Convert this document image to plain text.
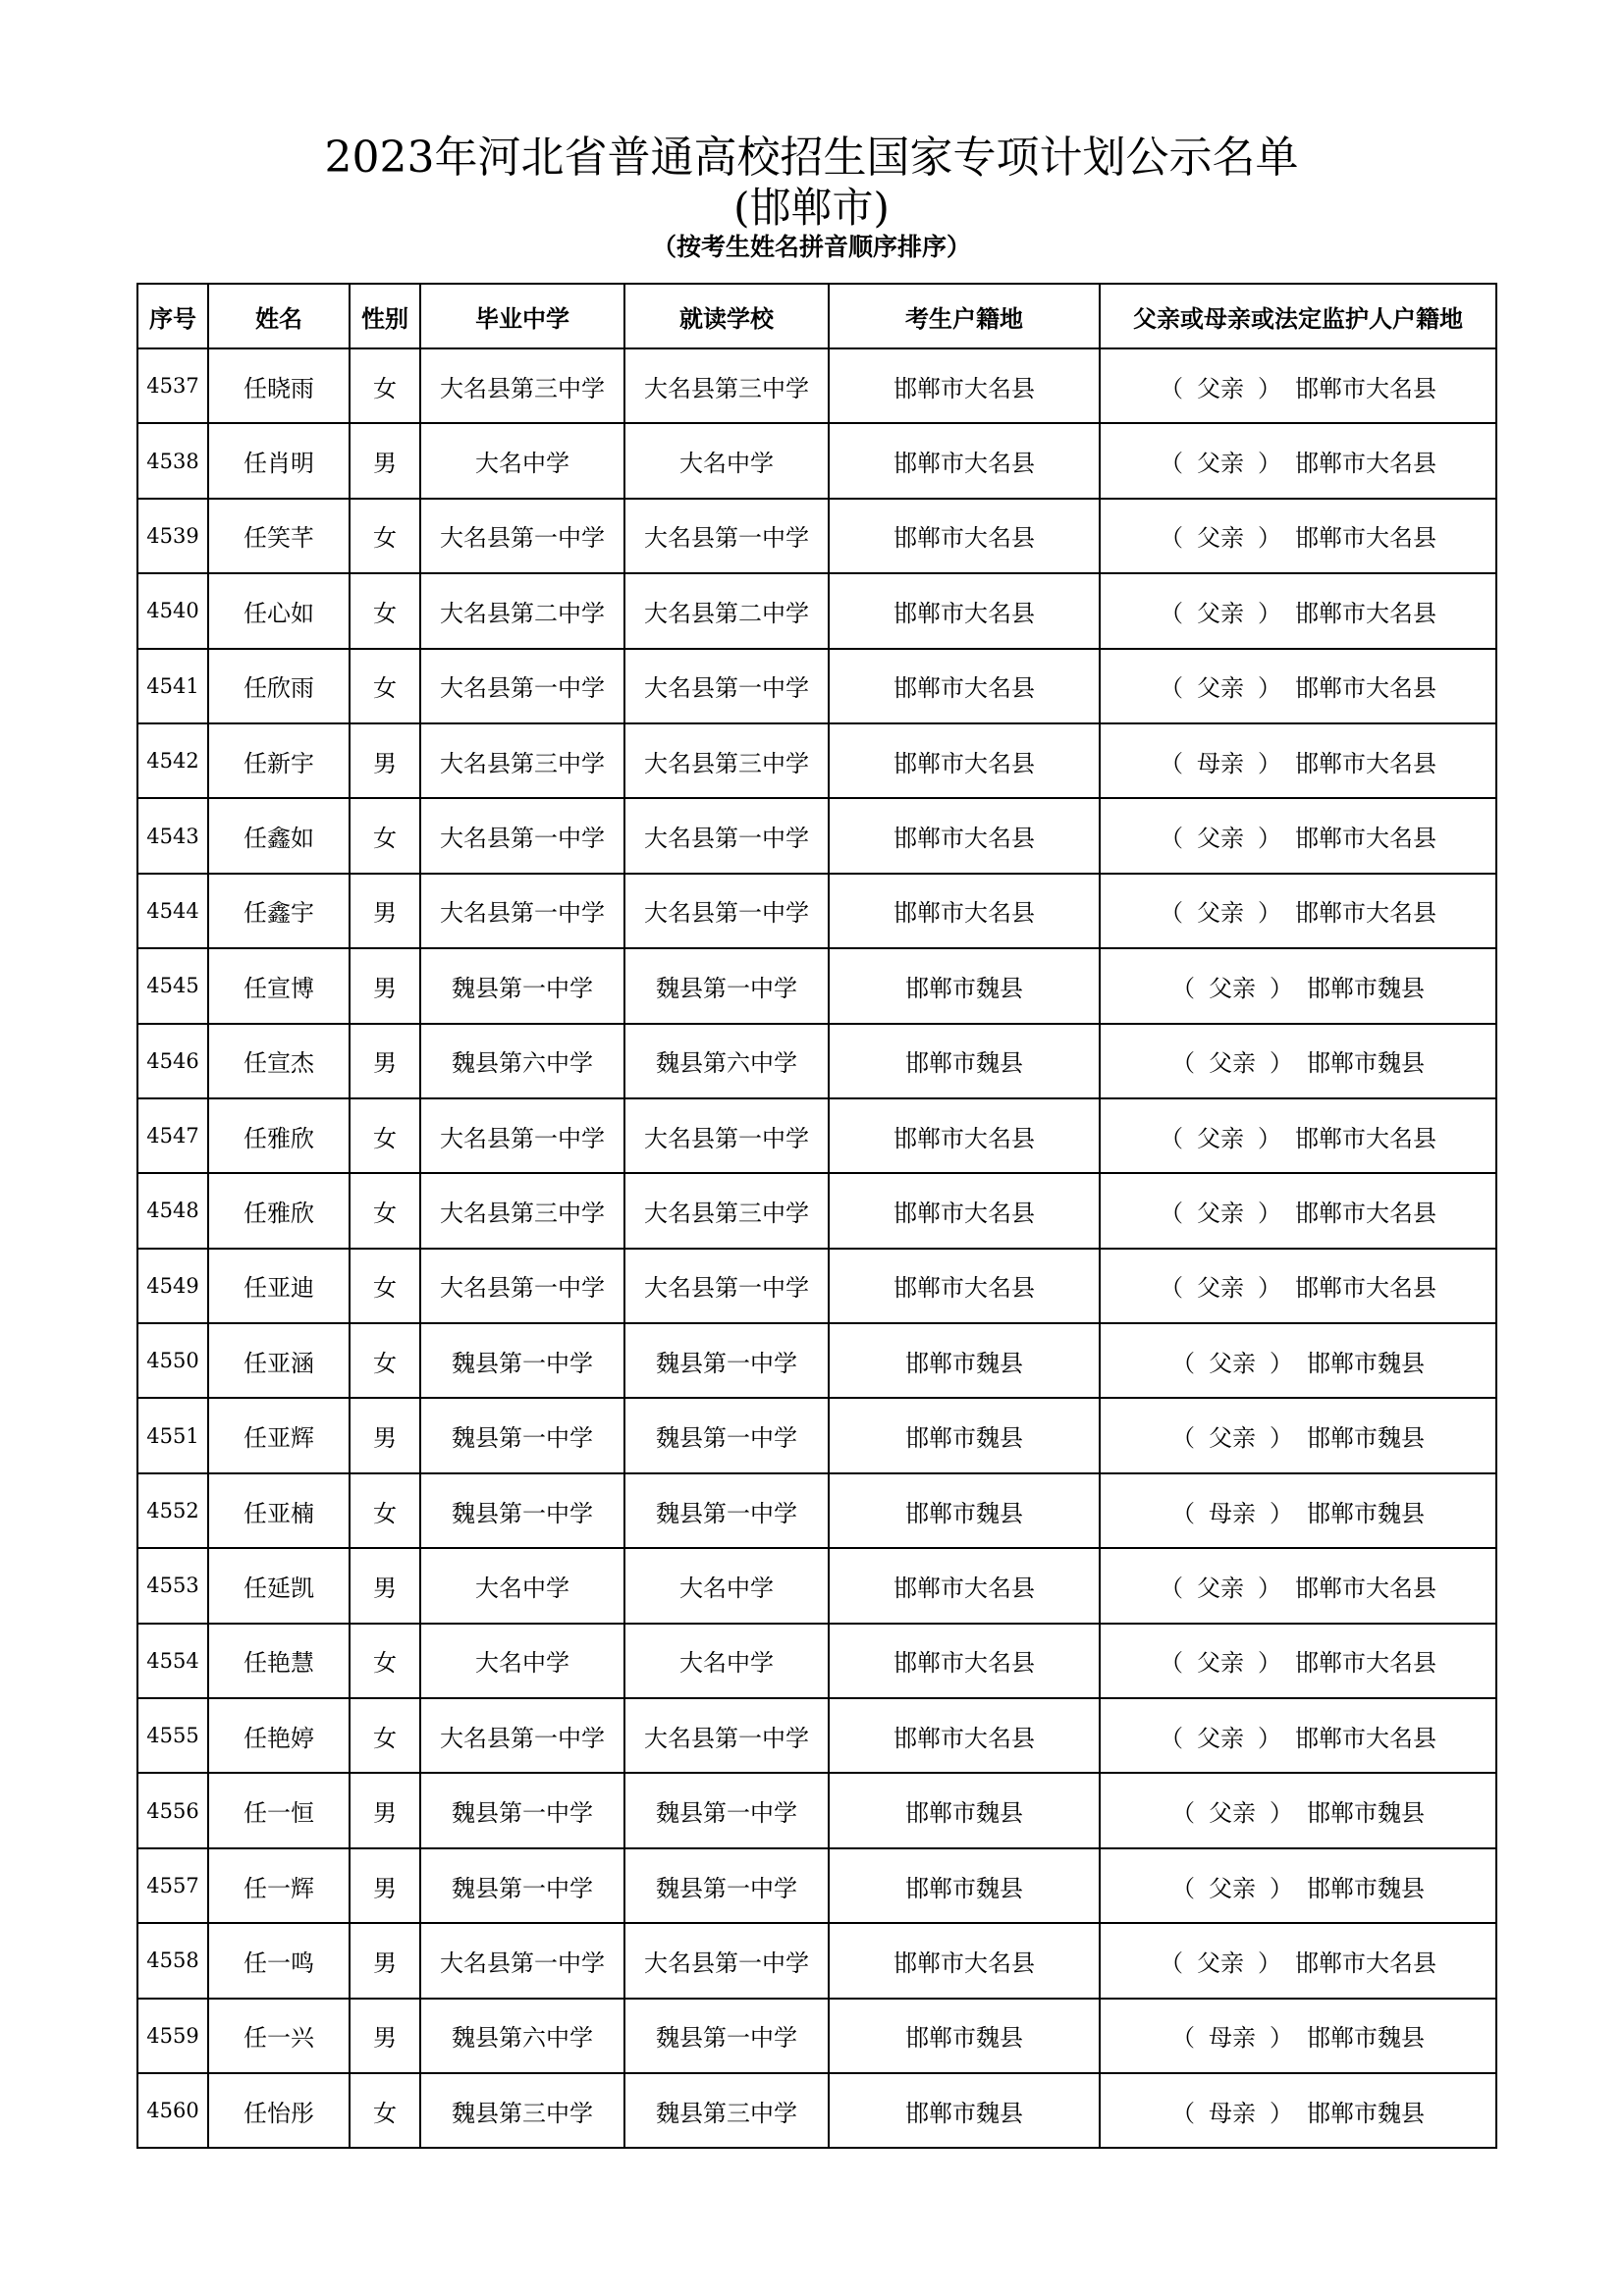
2023年河北省普通高校招生国家专项计划公示名单
(邯郸市)
（按考生姓名拼音顺序排序）
序号	姓名	性别	毕业中学	就读学校	考生户籍地	父亲或母亲或法定监护人户籍地
4537	任晓雨	女	大名县第三中学	大名县第三中学	邯郸市大名县	（ 父亲 ） 邯郸市大名县
4538	任肖明	男	大名中学	大名中学	邯郸市大名县	（ 父亲 ） 邯郸市大名县
4539	任笑芊	女	大名县第一中学	大名县第一中学	邯郸市大名县	（ 父亲 ） 邯郸市大名县
4540	任心如	女	大名县第二中学	大名县第二中学	邯郸市大名县	（ 父亲 ） 邯郸市大名县
4541	任欣雨	女	大名县第一中学	大名县第一中学	邯郸市大名县	（ 父亲 ） 邯郸市大名县
4542	任新宇	男	大名县第三中学	大名县第三中学	邯郸市大名县	（ 母亲 ） 邯郸市大名县
4543	任鑫如	女	大名县第一中学	大名县第一中学	邯郸市大名县	（ 父亲 ） 邯郸市大名县
4544	任鑫宇	男	大名县第一中学	大名县第一中学	邯郸市大名县	（ 父亲 ） 邯郸市大名县
4545	任宣博	男	魏县第一中学	魏县第一中学	邯郸市魏县	（ 父亲 ） 邯郸市魏县
4546	任宣杰	男	魏县第六中学	魏县第六中学	邯郸市魏县	（ 父亲 ） 邯郸市魏县
4547	任雅欣	女	大名县第一中学	大名县第一中学	邯郸市大名县	（ 父亲 ） 邯郸市大名县
4548	任雅欣	女	大名县第三中学	大名县第三中学	邯郸市大名县	（ 父亲 ） 邯郸市大名县
4549	任亚迪	女	大名县第一中学	大名县第一中学	邯郸市大名县	（ 父亲 ） 邯郸市大名县
4550	任亚涵	女	魏县第一中学	魏县第一中学	邯郸市魏县	（ 父亲 ） 邯郸市魏县
4551	任亚辉	男	魏县第一中学	魏县第一中学	邯郸市魏县	（ 父亲 ） 邯郸市魏县
4552	任亚楠	女	魏县第一中学	魏县第一中学	邯郸市魏县	（ 母亲 ） 邯郸市魏县
4553	任延凯	男	大名中学	大名中学	邯郸市大名县	（ 父亲 ） 邯郸市大名县
4554	任艳慧	女	大名中学	大名中学	邯郸市大名县	（ 父亲 ） 邯郸市大名县
4555	任艳婷	女	大名县第一中学	大名县第一中学	邯郸市大名县	（ 父亲 ） 邯郸市大名县
4556	任一恒	男	魏县第一中学	魏县第一中学	邯郸市魏县	（ 父亲 ） 邯郸市魏县
4557	任一辉	男	魏县第一中学	魏县第一中学	邯郸市魏县	（ 父亲 ） 邯郸市魏县
4558	任一鸣	男	大名县第一中学	大名县第一中学	邯郸市大名县	（ 父亲 ） 邯郸市大名县
4559	任一兴	男	魏县第六中学	魏县第一中学	邯郸市魏县	（ 母亲 ） 邯郸市魏县
4560	任怡彤	女	魏县第三中学	魏县第三中学	邯郸市魏县	（ 母亲 ） 邯郸市魏县
